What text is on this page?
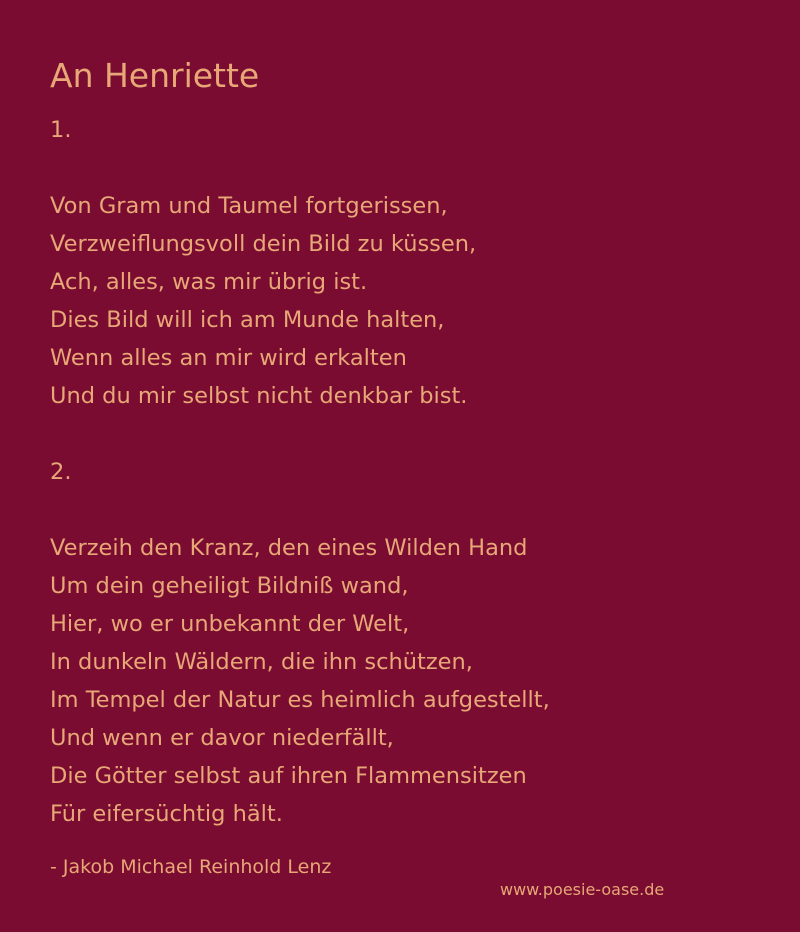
An Henriette
1.
Von Gram und Taumel fortgerissen,
Verzweiflungsvoll dein Bild zu küssen,
Ach, alles, was mir übrig ist.
Dies Bild will ich am Munde halten,
Wenn alles an mir wird erkalten
Und du mir selbst nicht denkbar bist.
2.
Verzeih den Kranz, den eines Wilden Hand
Um dein geheiligt Bildniß wand,
Hier, wo er unbekannt der Welt,
In dunkeln Wäldern, die ihn schützen,
Im Tempel der Natur es heimlich aufgestellt,
Und wenn er davor niederfällt,
Die Götter selbst auf ihren Flammensitzen
Für eifersüchtig hält.
- Jakob Michael Reinhold Lenz
www.poesie-oase.de
